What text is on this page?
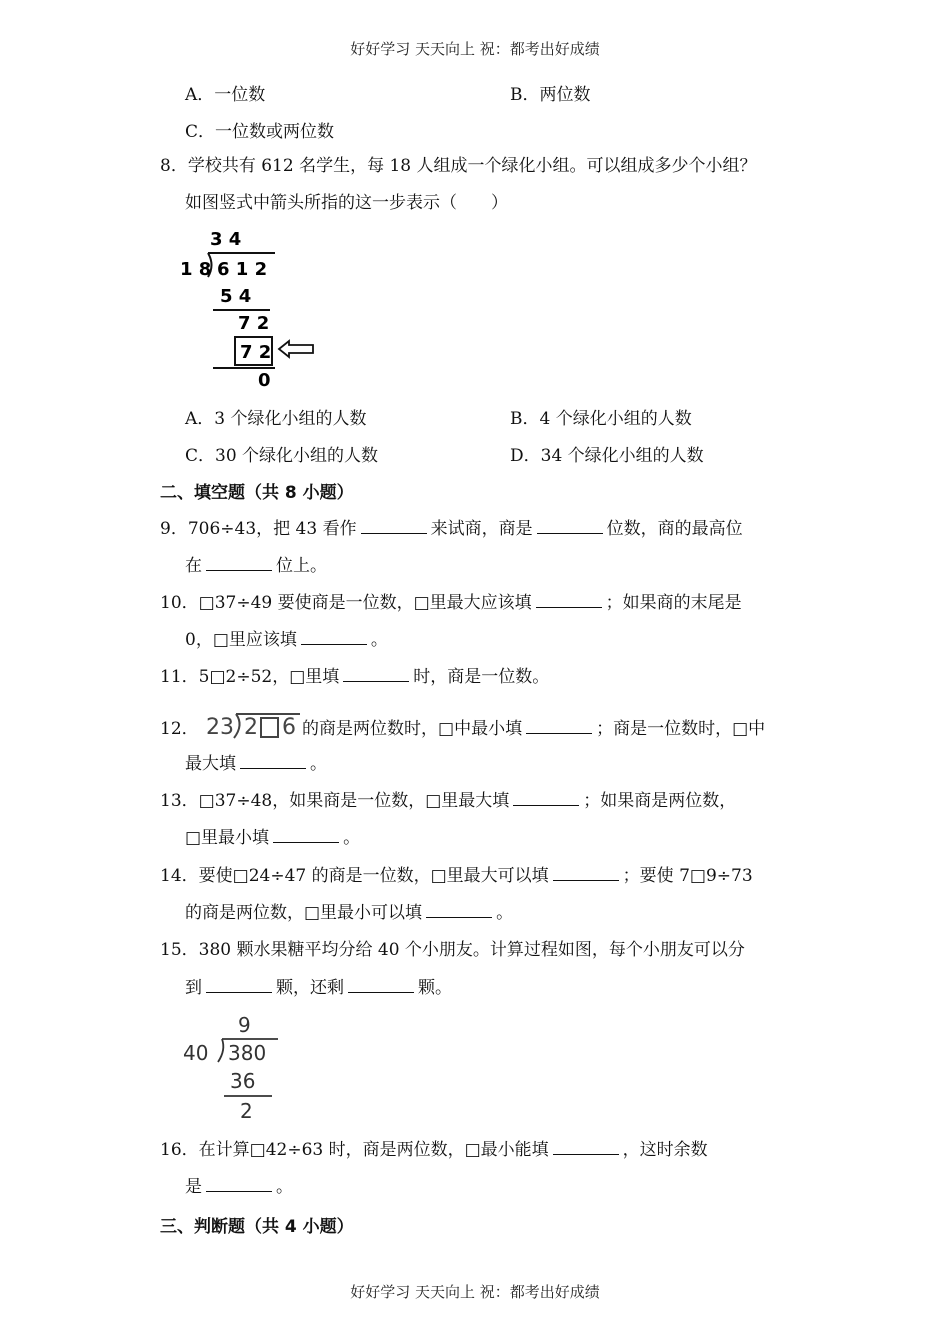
好好学习 天天向上 祝：都考出好成绩
A．一位数	B．两位数
C．一位数或两位数
8．学校共有 612 名学生，每 18 人组成一个绿化小组。可以组成多少个小组？
如图竖式中箭头所指的这一步表示（　　）
3 4
1 8 6 1 2
5 4
7 2
7 2
0
A．3 个绿化小组的人数	B．4 个绿化小组的人数
C．30 个绿化小组的人数	D．34 个绿化小组的人数
二、填空题（共 8 小题）
9．706÷43，把 43 看作	来试商，商是	位数，商的最高位
在	位上。
10．□37÷49 要使商是一位数，□里最大应该填	；如果商的末尾是
0，□里应该填	。
11．5□2÷52，□里填	时，商是一位数。
12． 23 2 6 的商是两位数时，□中最小填	；商是一位数时，□中
最大填	。
13．□37÷48，如果商是一位数，□里最大填	；如果商是两位数，
□里最小填	。
14．要使□24÷47 的商是一位数，□里最大可以填	；要使 7□9÷73
的商是两位数，□里最小可以填	。
15．380 颗水果糖平均分给 40 个小朋友。计算过程如图，每个小朋友可以分
到	颗，还剩	颗。
9
40 380
36
2
16．在计算□42÷63 时，商是两位数，□最小能填	，这时余数
是	。
三、判断题（共 4 小题）
好好学习 天天向上 祝：都考出好成绩
